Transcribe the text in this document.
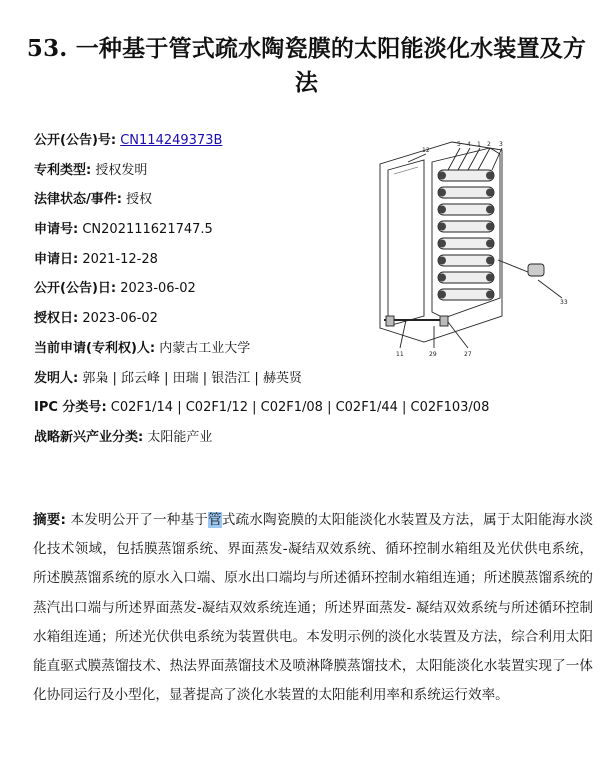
53. 一种基于管式疏水陶瓷膜的太阳能淡化水装置及方法
公开(公告)号: CN114249373B
专利类型: 授权发明
法律状态/事件: 授权
申请号: CN202111621747.5
申请日: 2021-12-28
公开(公告)日: 2023-06-02
授权日: 2023-06-02
当前申请(专利权)人: 内蒙古工业大学
发明人: 郭枭 | 邱云峰 | 田瑞 | 银浩江 | 赫英贤
IPC 分类号: C02F1/14 | C02F1/12 | C02F1/08 | C02F1/44 | C02F103/08
战略新兴产业分类: 太阳能产业
12
5 4 1 2 3
33
11	29	27
摘要: 本发明公开了一种基于管式疏水陶瓷膜的太阳能淡化水装置及方法，属于太阳能海水淡化技术领域，包括膜蒸馏系统、界面蒸发-凝结双效系统、循环控制水箱组及光伏供电系统，所述膜蒸馏系统的原水入口端、原水出口端均与所述循环控制水箱组连通；所述膜蒸馏系统的蒸汽出口端与所述界面蒸发-凝结双效系统连通；所述界面蒸发- 凝结双效系统与所述循环控制水箱组连通；所述光伏供电系统为装置供电。本发明示例的淡化水装置及方法，综合利用太阳能直驱式膜蒸馏技术、热法界面蒸馏技术及喷淋降膜蒸馏技术，太阳能淡化水装置实现了一体化协同运行及小型化，显著提高了淡化水装置的太阳能利用率和系统运行效率。
